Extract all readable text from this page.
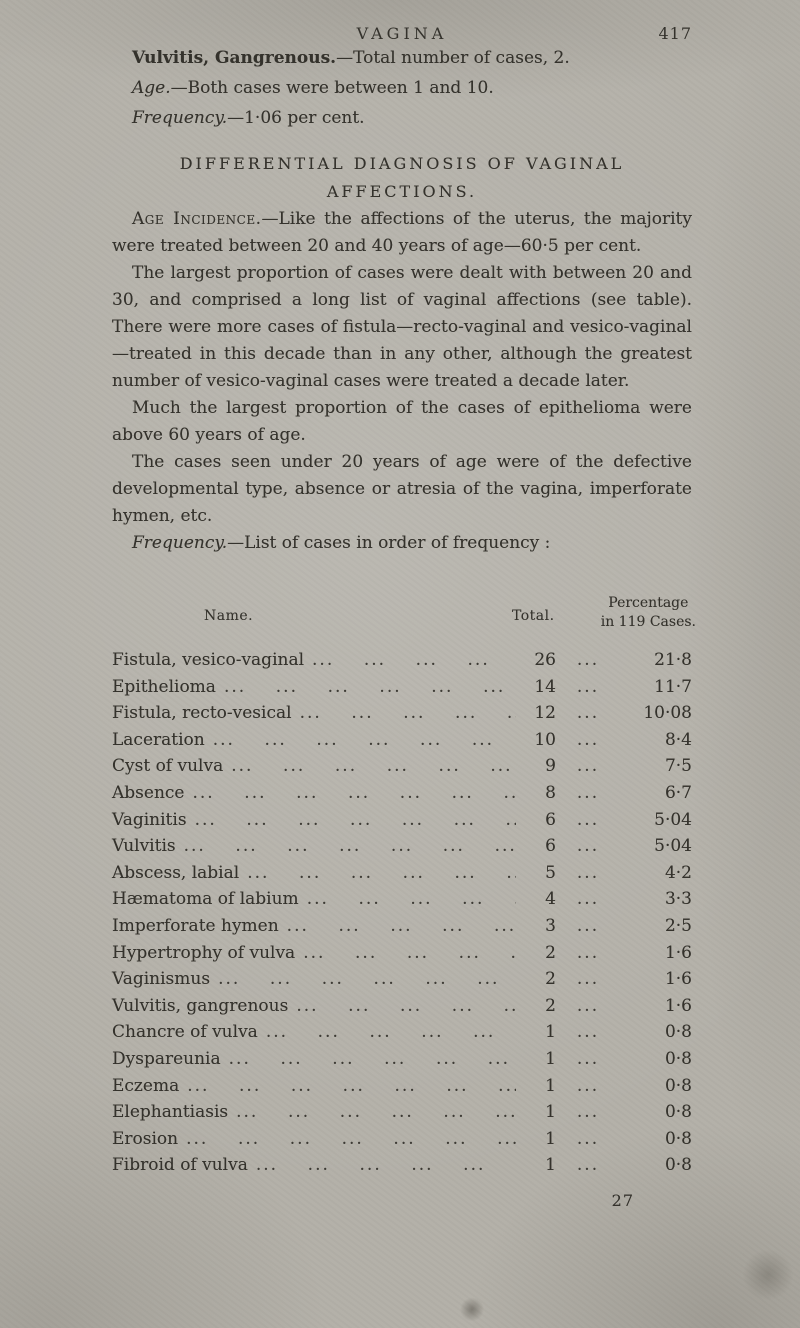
VAGINA	417

Vulvitis, Gangrenous.—Total number of cases, 2.

Age.—Both cases were between 1 and 10.

Frequency.—1·06 per cent.

DIFFERENTIAL DIAGNOSIS OF VAGINAL
AFFECTIONS.

Age Incidence.—Like the affections of the uterus, the majority were treated between 20 and 40 years of age—60·5 per cent.

The largest proportion of cases were dealt with between 20 and 30, and comprised a long list of vaginal affections (see table). There were more cases of fistula—recto-vaginal and vesico-vaginal—treated in this decade than in any other, although the greatest number of vesico-vaginal cases were treated a decade later.

Much the largest proportion of the cases of epithelioma were above 60 years of age.

The cases seen under 20 years of age were of the defective developmental type, absence or atresia of the vagina, imperforate hymen, etc.

Frequency.—List of cases in order of frequency :

Name.	Total.
Percentage
in 119 Cases.
Fistula, vesico-vaginal ...	26 ...	21·8
Epithelioma ...	14 ...	11·7
Fistula, recto-vesical ...	12 ...	10·08
Laceration ...	10 ...	8·4
Cyst of vulva ...	9 ...	7·5
Absence ...	8 ...	6·7
Vaginitis ...	6 ...	5·04
Vulvitis ...	6 ...	5·04
Abscess, labial ...	5 ...	4·2
Hæmatoma of labium ...	4 ...	3·3
Imperforate hymen ...	3 ...	2·5
Hypertrophy of vulva ...	2 ...	1·6
Vaginismus ...	2 ...	1·6
Vulvitis, gangrenous ...	2 ...	1·6
Chancre of vulva ...	1 ...	0·8
Dyspareunia ...	1 ...	0·8
Eczema ...	1 ...	0·8
Elephantiasis ...	1 ...	0·8
Erosion ...	1 ...	0·8
Fibroid of vulva ...	1 ...	0·8
27
